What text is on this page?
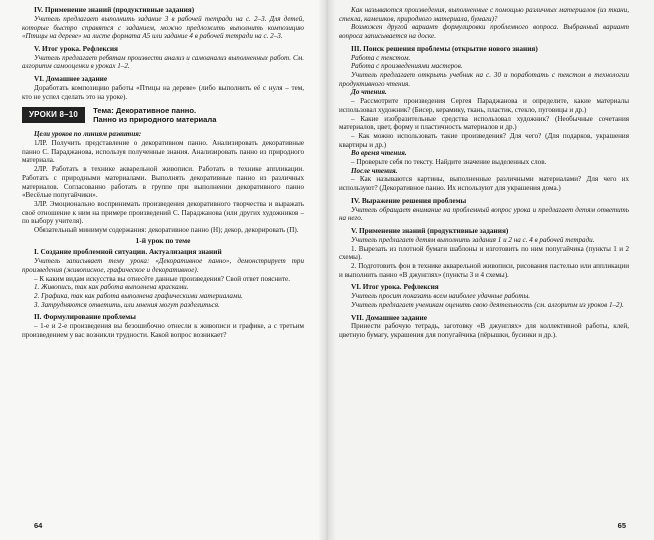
IV. Применение знаний (продуктивные задания)

Учитель предлагает выполнить задание 3 в рабочей тетради на с. 2–3. Для детей, которые быстро справятся с заданием, можно предложить выполнить композицию «Птицы на дереве» на листе формата А5 или задание 4 в рабочей тетради на с. 2–3.

V. Итог урока. Рефлексия

Учитель предлагает ребятам произвести анализ и самоанализ выполненных работ. См. алгоритм самооценки в уроках 1–2.

VI. Домашнее задание

Доработать композицию работы «Птицы на дереве» (либо выполнить её с нуля – тем, кто не успел сделать это на уроке).

УРОКИ 8–10	Тема: Декоративное панно.
Панно из природного материала

Цели уроков по линиям развития:

1ЛР. Получить представление о декоративном панно. Анализировать декоративные панно С. Параджанова, используя полученные знания. Анализировать панно из природного материала.

2ЛР. Работать в технике акварельной живописи. Работать в технике аппликации. Работать с природными материалами. Выполнять декоративные панно из различных материалов. Согласованно работать в группе при выполнении декоративного панно «Весёлые попугайчики».

3ЛР. Эмоционально воспринимать произведения декоративного творчества и выражать своё отношение к ним на примере произведений С. Параджанова (или других художников – по выбору учителя).

Обязательный минимум содержания: декоративное панно (Н); декор, декорировать (П).

1-й урок по теме
I. Создание проблемной ситуации. Актуализация знаний

Учитель записывает тему урока: «Декоративное панно», демонстрирует три произведения (живописное, графическое и декоративное).

– К каким видам искусства вы отнесёте данные произведения? Свой ответ поясните.

1. Живопись, так как работа выполнена красками.

2. Графика, так как работа выполнена графическими материалами.

3. Затрудняются ответить, или мнения могут разделиться.

II. Формулирование проблемы

– 1-е и 2-е произведения вы безошибочно отнесли к живописи и графике, а с третьим произведением у вас возникли трудности. Какой вопрос возникает?

64

Как называются произведения, выполненные с помощью различных материалов (из ткани, стекла, камешков, природного материала, бумаги)?

Возможен другой вариант формулировки проблемного вопроса. Выбранный вариант вопроса записывается на доске.

III. Поиск решения проблемы (открытие нового знания)

Работа с текстом.

Работа с произведениями мастеров.

Учитель предлагает открыть учебник на с. 30 и поработать с текстом в технологии продуктивного чтения.

До чтения.

– Рассмотрите произведения Сергея Параджанова и определите, какие материалы использовал художник? (Бисер, керамику, ткань, пластик, стекло, пуговицы и др.)

– Какие изобразительные средства использовал художник? (Необычные сочетания материалов, цвет, форму и пластичность материалов и др.)

– Как можно использовать такие произведения? Для чего? (Для подарков, украшения квартиры и др.)

Во время чтения.

– Проверьте себя по тексту. Найдите значение выделенных слов.

После чтения.

– Как называются картины, выполненные различными материалами? Для чего их используют? (Декоративное панно. Их используют для украшения дома.)

IV. Выражение решения проблемы

Учитель обращает внимание на проблемный вопрос урока и предлагает детям ответить на него.

V. Применение знаний (продуктивные задания)

Учитель предлагает детям выполнить задания 1 и 2 на с. 4 в рабочей тетради.

1. Вырезать из плотной бумаги шаблоны и изготовить по ним попугайчика (пункты 1 и 2 схемы).

2. Подготовить фон в технике акварельной живописи, рисования пастелью или аппликации и выполнить панно «В джунглях» (пункты 3 и 4 схемы).

VI. Итог урока. Рефлексия

Учитель просит показать всем наиболее удачные работы.

Учитель предлагает ученикам оценить свою деятельность (см. алгоритм из уроков 1–2).

VII. Домашнее задание

Принести рабочую тетрадь, заготовку «В джунглях» для коллективной работы, клей, цветную бумагу, украшения для попугайчика (пёрышки, бусинки и др.).

65
